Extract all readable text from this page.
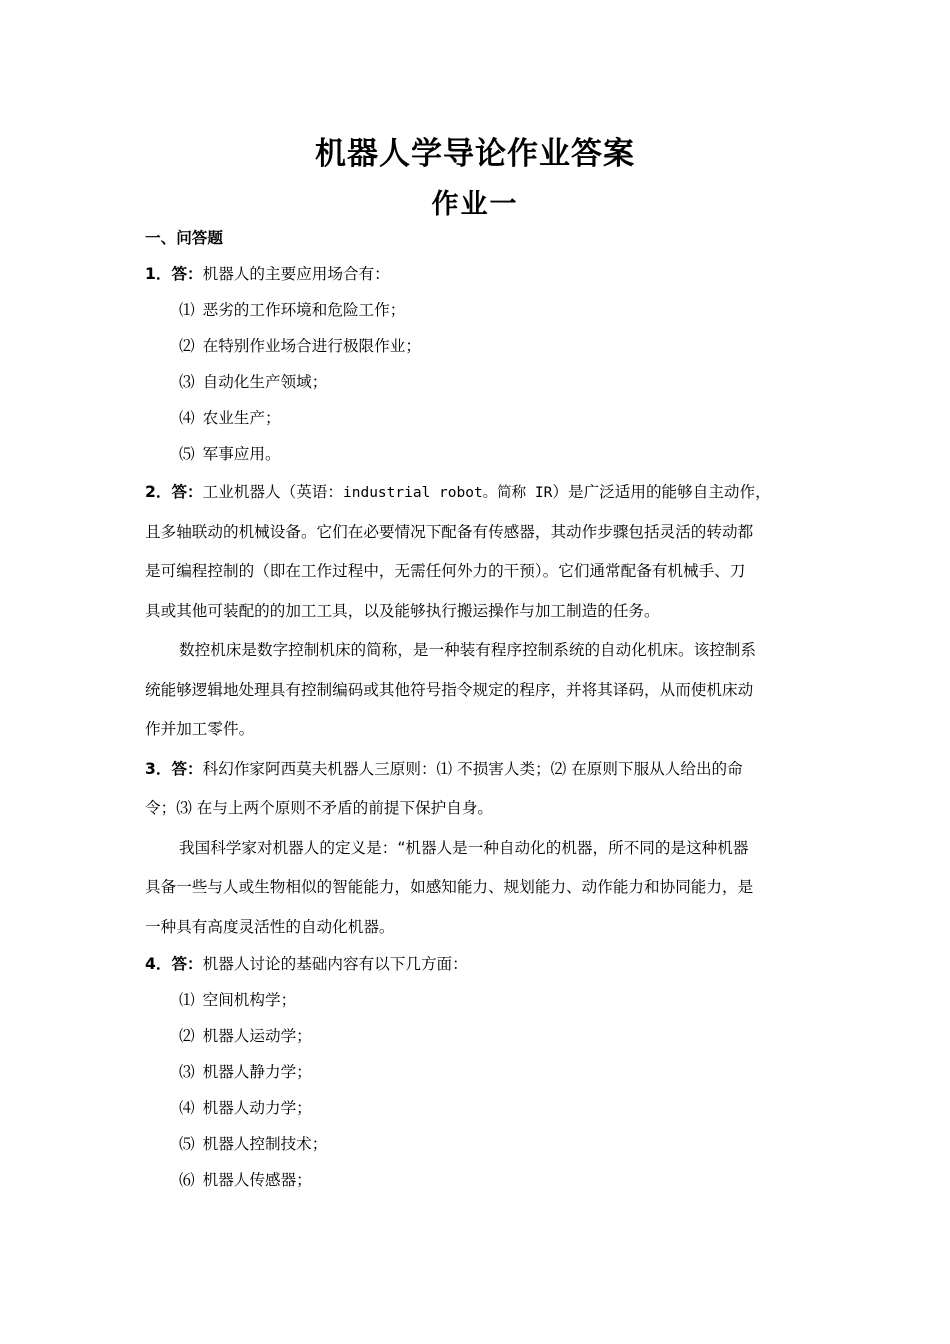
机器人学导论作业答案
作业一
一、问答题
1．答：机器人的主要应用场合有：
⑴ 恶劣的工作环境和危险工作；
⑵ 在特别作业场合进行极限作业；
⑶ 自动化生产领域；
⑷ 农业生产；
⑸ 军事应用。
2．答：工业机器人（英语：industrial robot。简称 IR）是广泛适用的能够自主动作，
且多轴联动的机械设备。它们在必要情况下配备有传感器，其动作步骤包括灵活的转动都
是可编程控制的（即在工作过程中，无需任何外力的干预）。它们通常配备有机械手、刀
具或其他可装配的的加工工具，以及能够执行搬运操作与加工制造的任务。
数控机床是数字控制机床的简称，是一种装有程序控制系统的自动化机床。该控制系
统能够逻辑地处理具有控制编码或其他符号指令规定的程序，并将其译码，从而使机床动
作并加工零件。
3．答：科幻作家阿西莫夫机器人三原则：⑴ 不损害人类；⑵ 在原则下服从人给出的命
令；⑶ 在与上两个原则不矛盾的前提下保护自身。
我国科学家对机器人的定义是：“机器人是一种自动化的机器，所不同的是这种机器
具备一些与人或生物相似的智能能力，如感知能力、规划能力、动作能力和协同能力，是
一种具有高度灵活性的自动化机器。
4．答：机器人讨论的基础内容有以下几方面：
⑴ 空间机构学；
⑵ 机器人运动学；
⑶ 机器人静力学；
⑷ 机器人动力学；
⑸ 机器人控制技术；
⑹ 机器人传感器；
